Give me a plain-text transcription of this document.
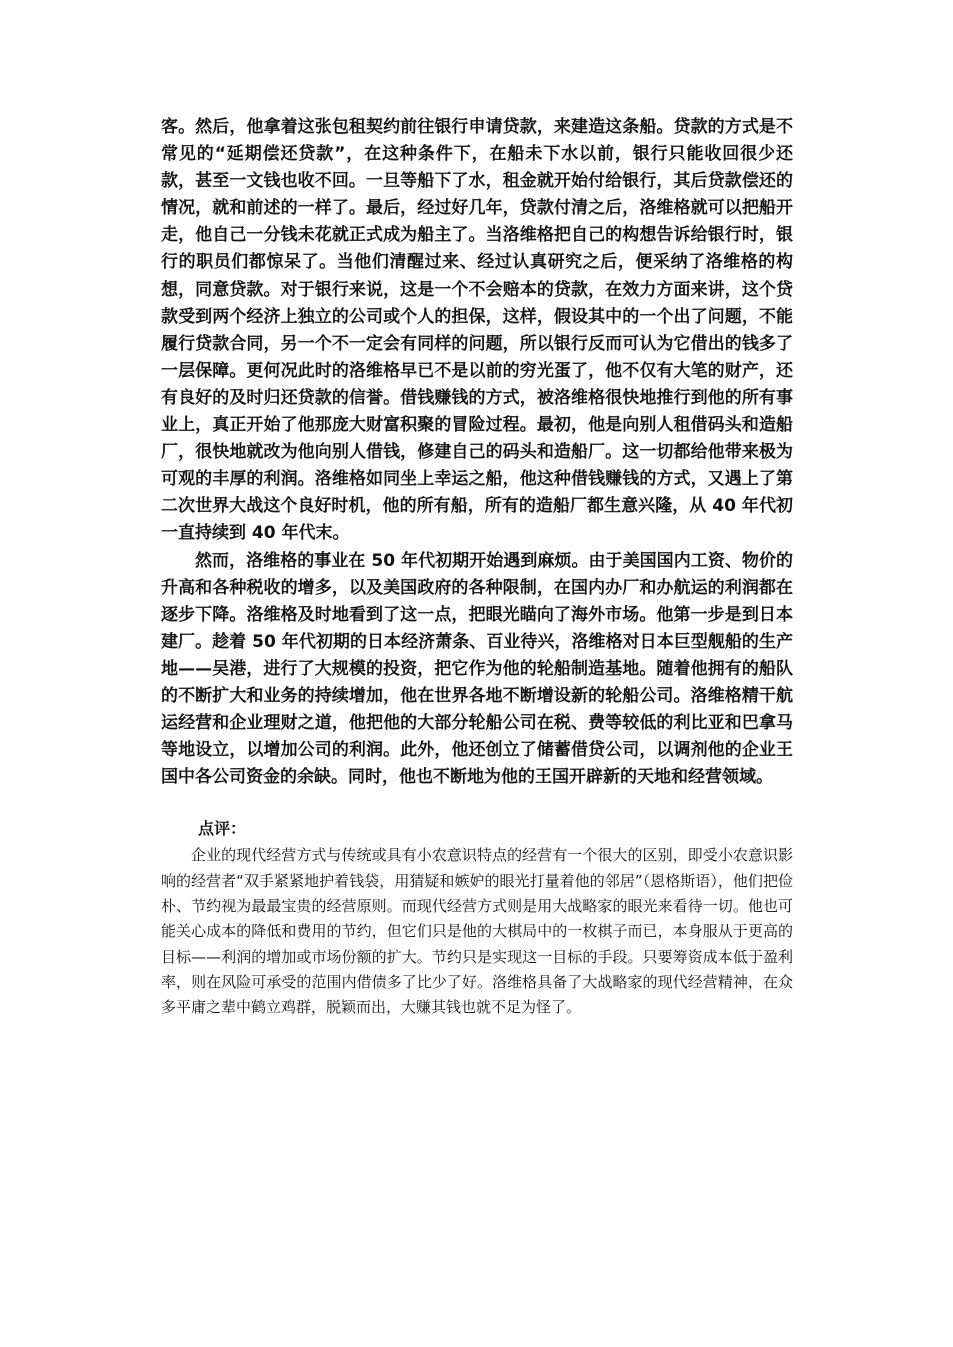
客。然后，他拿着这张包租契约前往银行申请贷款，来建造这条船。贷款的方式是不常见的“延期偿还贷款”，在这种条件下，在船未下水以前，银行只能收回很少还款，甚至一文钱也收不回。一旦等船下了水，租金就开始付给银行，其后贷款偿还的情况，就和前述的一样了。最后，经过好几年，贷款付清之后，洛维格就可以把船开走，他自己一分钱未花就正式成为船主了。当洛维格把自己的构想告诉给银行时，银行的职员们都惊呆了。当他们清醒过来、经过认真研究之后，便采纳了洛维格的构想，同意贷款。对于银行来说，这是一个不会赔本的贷款，在效力方面来讲，这个贷款受到两个经济上独立的公司或个人的担保，这样，假设其中的一个出了问题，不能履行贷款合同，另一个不一定会有同样的问题，所以银行反而可认为它借出的钱多了一层保障。更何况此时的洛维格早已不是以前的穷光蛋了，他不仅有大笔的财产，还有良好的及时归还贷款的信誉。借钱赚钱的方式，被洛维格很快地推行到他的所有事业上，真正开始了他那庞大财富积聚的冒险过程。最初，他是向别人租借码头和造船厂，很快地就改为他向别人借钱，修建自己的码头和造船厂。这一切都给他带来极为可观的丰厚的利润。洛维格如同坐上幸运之船，他这种借钱赚钱的方式，又遇上了第二次世界大战这个良好时机，他的所有船，所有的造船厂都生意兴隆，从 40 年代初一直持续到 40 年代末。

然而，洛维格的事业在 50 年代初期开始遇到麻烦。由于美国国内工资、物价的升高和各种税收的增多，以及美国政府的各种限制，在国内办厂和办航运的利润都在逐步下降。洛维格及时地看到了这一点，把眼光瞄向了海外市场。他第一步是到日本建厂。趁着 50 年代初期的日本经济萧条、百业待兴，洛维格对日本巨型舰船的生产地——吴港，进行了大规模的投资，把它作为他的轮船制造基地。随着他拥有的船队的不断扩大和业务的持续增加，他在世界各地不断增设新的轮船公司。洛维格精干航运经营和企业理财之道，他把他的大部分轮船公司在税、费等较低的利比亚和巴拿马等地设立，以增加公司的利润。此外，他还创立了储蓄借贷公司，以调剂他的企业王国中各公司资金的余缺。同时，他也不断地为他的王国开辟新的天地和经营领域。

点评：

企业的现代经营方式与传统或具有小农意识特点的经营有一个很大的区别，即受小农意识影响的经营者“双手紧紧地护着钱袋，用猜疑和嫉妒的眼光打量着他的邻居”（恩格斯语），他们把俭朴、节约视为最最宝贵的经营原则。而现代经营方式则是用大战略家的眼光来看待一切。他也可能关心成本的降低和费用的节约，但它们只是他的大棋局中的一枚棋子而已，本身服从于更高的目标——利润的增加或市场份额的扩大。节约只是实现这一目标的手段。只要筹资成本低于盈利率，则在风险可承受的范围内借债多了比少了好。洛维格具备了大战略家的现代经营精神，在众多平庸之辈中鹤立鸡群，脱颖而出，大赚其钱也就不足为怪了。
